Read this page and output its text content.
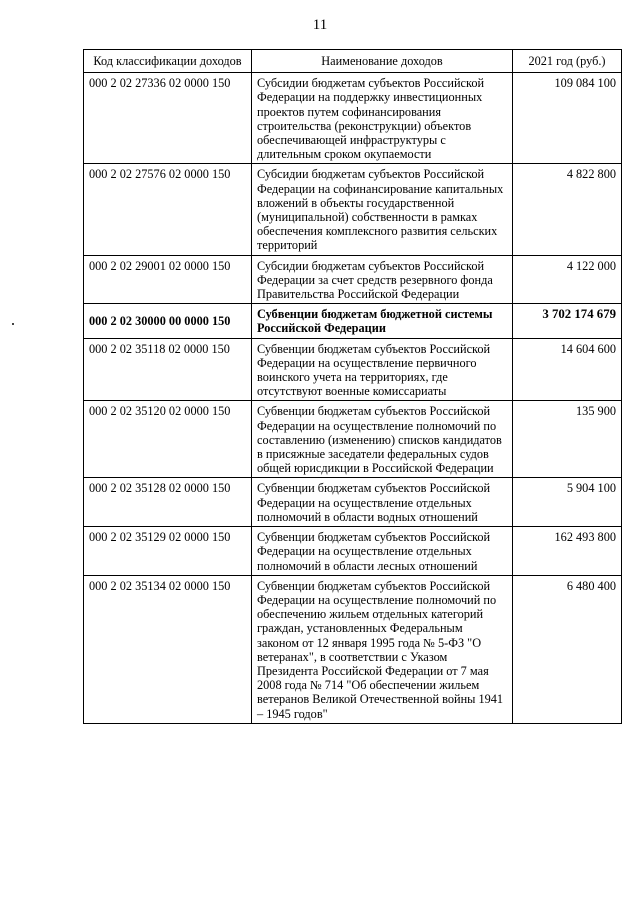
11
Код классификации доходов	Наименование доходов	2021 год (руб.)
000 2 02 27336 02 0000 150	Субсидии бюджетам субъектов Российской Федерации на поддержку инвестиционных проектов путем софинансирования строительства (реконструкции) объектов обеспечивающей инфраструктуры с длительным сроком окупаемости	109 084 100
000 2 02 27576 02 0000 150	Субсидии бюджетам субъектов Российской Федерации на софинансирование капитальных вложений в объекты государственной (муниципальной) собственности в рамках обеспечения комплексного развития сельских территорий	4 822 800
000 2 02 29001 02 0000 150	Субсидии бюджетам субъектов Российской Федерации за счет средств резервного фонда Правительства Российской Федерации	4 122 000
000 2 02 30000 00 0000 150	Субвенции бюджетам бюджетной системы Российской Федерации	3 702 174 679
000 2 02 35118 02 0000 150	Субвенции бюджетам субъектов Российской Федерации на осуществление первичного воинского учета на территориях, где отсутствуют военные комиссариаты	14 604 600
000 2 02 35120 02 0000 150	Субвенции бюджетам субъектов Российской Федерации на осуществление полномочий по составлению (изменению) списков кандидатов в присяжные заседатели федеральных судов общей юрисдикции в Российской Федерации	135 900
000 2 02 35128 02 0000 150	Субвенции бюджетам субъектов Российской Федерации на осуществление отдельных полномочий в области водных отношений	5 904 100
000 2 02 35129 02 0000 150	Субвенции бюджетам субъектов Российской Федерации на осуществление отдельных полномочий в области лесных отношений	162 493 800
000 2 02 35134 02 0000 150	Субвенции бюджетам субъектов Российской Федерации на осуществление полномочий по обеспечению жильем отдельных категорий граждан, установленных Федеральным законом от 12 января 1995 года № 5-ФЗ "О ветеранах", в соответствии с Указом Президента Российской Федерации от 7 мая 2008 года № 714 "Об обеспечении жильем ветеранов Великой Отечественной войны 1941 – 1945 годов"	6 480 400
